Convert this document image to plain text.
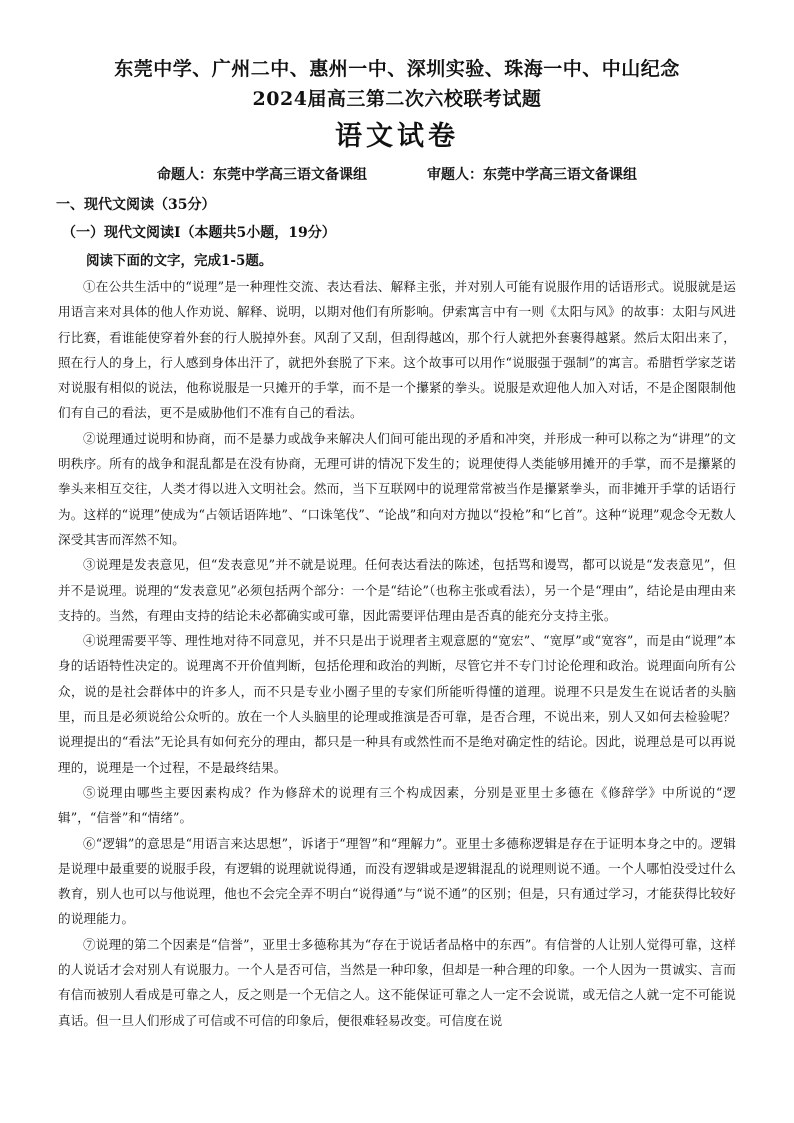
东莞中学、广州二中、惠州一中、深圳实验、珠海一中、中山纪念
2024届高三第二次六校联考试题
语文试卷
命题人：东莞中学高三语文备课组	审题人：东莞中学高三语文备课组
一、现代文阅读（35分）
（一）现代文阅读Ⅰ（本题共5小题，19分）
阅读下面的文字，完成1-5题。

①在公共生活中的“说理”是一种理性交流、表达看法、解释主张，并对别人可能有说服作用的话语形式。说服就是运用语言来对具体的他人作劝说、解释、说明，以期对他们有所影响。伊索寓言中有一则《太阳与风》的故事：太阳与风进行比赛，看谁能使穿着外套的行人脱掉外套。风刮了又刮，但刮得越凶，那个行人就把外套裹得越紧。然后太阳出来了，照在行人的身上，行人感到身体出汗了，就把外套脱了下来。这个故事可以用作“说服强于强制”的寓言。希腊哲学家芝诺对说服有相似的说法，他称说服是一只摊开的手掌，而不是一个攥紧的拳头。说服是欢迎他人加入对话，不是企图限制他们有自己的看法，更不是威胁他们不准有自己的看法。

②说理通过说明和协商，而不是暴力或战争来解决人们间可能出现的矛盾和冲突，并形成一种可以称之为“讲理”的文明秩序。所有的战争和混乱都是在没有协商，无理可讲的情况下发生的；说理使得人类能够用摊开的手掌，而不是攥紧的拳头来相互交往，人类才得以进入文明社会。然而，当下互联网中的说理常常被当作是攥紧拳头，而非摊开手掌的话语行为。这样的“说理”使成为“占领话语阵地”、“口诛笔伐”、“论战”和向对方抛以“投枪”和“匕首”。这种“说理”观念令无数人深受其害而浑然不知。

③说理是发表意见，但“发表意见”并不就是说理。任何表达看法的陈述，包括骂和谩骂，都可以说是“发表意见”，但并不是说理。说理的“发表意见”必须包括两个部分：一个是“结论”（也称主张或看法），另一个是“理由”，结论是由理由来支持的。当然，有理由支持的结论未必都确实或可靠，因此需要评估理由是否真的能充分支持主张。

④说理需要平等、理性地对待不同意见，并不只是出于说理者主观意愿的“宽宏”、“宽厚”或“宽容”，而是由“说理”本身的话语特性决定的。说理离不开价值判断，包括伦理和政治的判断，尽管它并不专门讨论伦理和政治。说理面向所有公众，说的是社会群体中的许多人，而不只是专业小圈子里的专家们所能听得懂的道理。说理不只是发生在说话者的头脑里，而且是必须说给公众听的。放在一个人头脑里的论理或推演是否可靠，是否合理，不说出来，别人又如何去检验呢？说理提出的“看法”无论具有如何充分的理由，都只是一种具有或然性而不是绝对确定性的结论。因此，说理总是可以再说理的，说理是一个过程，不是最终结果。

⑤说理由哪些主要因素构成？作为修辞术的说理有三个构成因素，分别是亚里士多德在《修辞学》中所说的“逻辑”，“信誉”和“情绪”。

⑥“逻辑”的意思是“用语言来达思想”，诉诸于“理智”和“理解力”。亚里士多德称逻辑是存在于证明本身之中的。逻辑是说理中最重要的说服手段，有逻辑的说理就说得通，而没有逻辑或是逻辑混乱的说理则说不通。一个人哪怕没受过什么教育，别人也可以与他说理，他也不会完全弄不明白“说得通”与“说不通”的区别；但是，只有通过学习，才能获得比较好的说理能力。

⑦说理的第二个因素是“信誉”，亚里士多德称其为“存在于说话者品格中的东西”。有信誉的人让别人觉得可靠，这样的人说话才会对别人有说服力。一个人是否可信，当然是一种印象，但却是一种合理的印象。一个人因为一贯诚实、言而有信而被别人看成是可靠之人，反之则是一个无信之人。这不能保证可靠之人一定不会说谎，或无信之人就一定不可能说真话。但一旦人们形成了可信或不可信的印象后，便很难轻易改变。可信度在说
